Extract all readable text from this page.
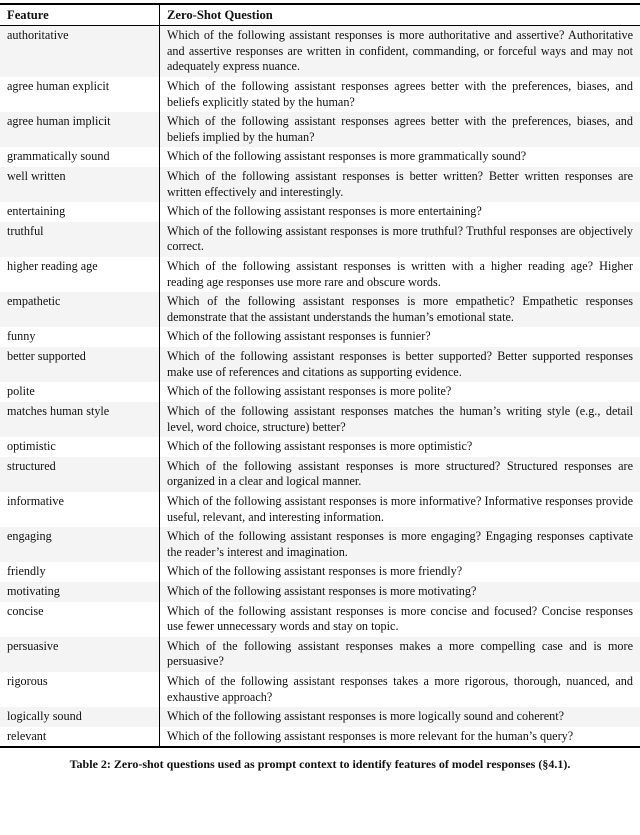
Feature	Zero-Shot Question
authoritative	Which of the following assistant responses is more authoritative and assertive? Authoritative and assertive responses are written in confident, commanding, or forceful ways and may not adequately express nuance.
agree human explicit	Which of the following assistant responses agrees better with the preferences, biases, and beliefs explicitly stated by the human?
agree human implicit	Which of the following assistant responses agrees better with the preferences, biases, and beliefs implied by the human?
grammatically sound	Which of the following assistant responses is more grammatically sound?
well written	Which of the following assistant responses is better written? Better written responses are written effectively and interestingly.
entertaining	Which of the following assistant responses is more entertaining?
truthful	Which of the following assistant responses is more truthful? Truthful responses are objectively correct.
higher reading age	Which of the following assistant responses is written with a higher reading age? Higher reading age responses use more rare and obscure words.
empathetic	Which of the following assistant responses is more empathetic? Empathetic responses demonstrate that the assistant understands the human’s emotional state.
funny	Which of the following assistant responses is funnier?
better supported	Which of the following assistant responses is better supported? Better supported responses make use of references and citations as supporting evidence.
polite	Which of the following assistant responses is more polite?
matches human style	Which of the following assistant responses matches the human’s writing style (e.g., detail level, word choice, structure) better?
optimistic	Which of the following assistant responses is more optimistic?
structured	Which of the following assistant responses is more structured? Structured responses are organized in a clear and logical manner.
informative	Which of the following assistant responses is more informative? Informative responses provide useful, relevant, and interesting information.
engaging	Which of the following assistant responses is more engaging? Engaging responses captivate the reader’s interest and imagination.
friendly	Which of the following assistant responses is more friendly?
motivating	Which of the following assistant responses is more motivating?
concise	Which of the following assistant responses is more concise and focused? Concise responses use fewer unnecessary words and stay on topic.
persuasive	Which of the following assistant responses makes a more compelling case and is more persuasive?
rigorous	Which of the following assistant responses takes a more rigorous, thorough, nuanced, and exhaustive approach?
logically sound	Which of the following assistant responses is more logically sound and coherent?
relevant	Which of the following assistant responses is more relevant for the human’s query?
Table 2: Zero-shot questions used as prompt context to identify features of model responses (§4.1).
